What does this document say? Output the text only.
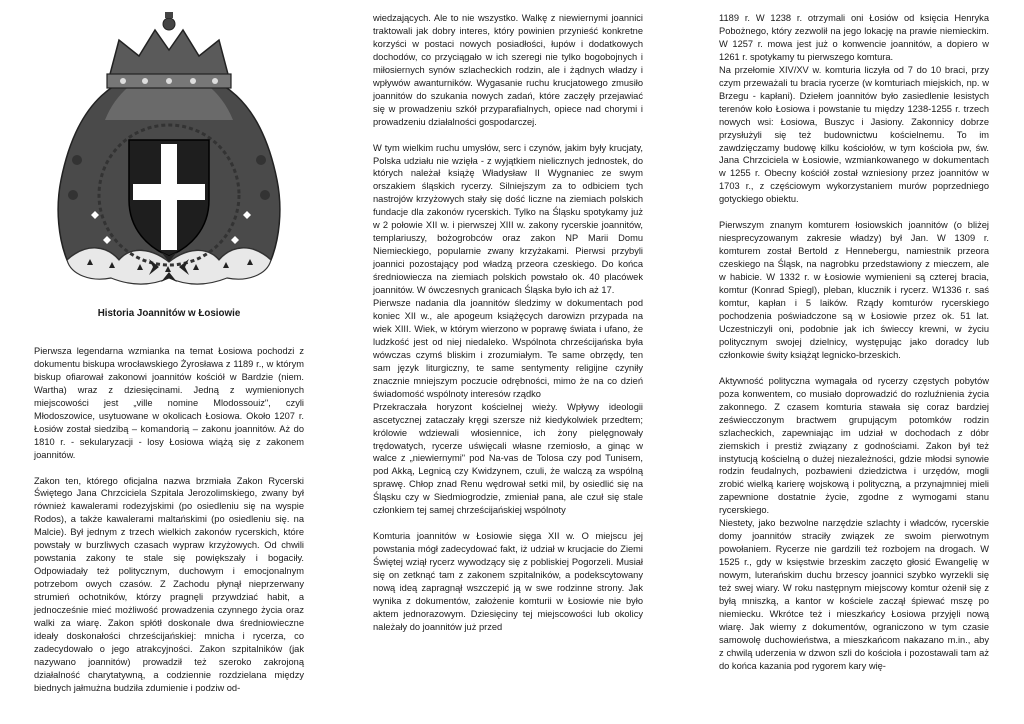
Historia Joannitów w Łosiowie

Pierwsza legendarna wzmianka na temat Łosiowa pochodzi z dokumentu biskupa wrocławskiego Żyrosława z 1189 r., w którym biskup ofiarował zakonowi joannitów kościół w Bardzie (niem. Wartha) wraz z dziesięcinami. Jedną z wymienionych miejscowości jest „ville nomine Mlodossouiz", czyli Młodoszowice, usytuowane w okolicach Łosiowa. Około 1207 r. Łosiów został siedzibą – komandorią – zakonu joannitów. Aż do 1810 r. - sekularyzacji - losy Łosiowa wiążą się z zakonem joannitów.

Zakon ten, którego oficjalna nazwa brzmiała Zakon Rycerski Świętego Jana Chrzciciela Szpitala Jerozolimskiego, zwany był również kawalerami rodezyjskimi (po osiedleniu się na wyspie Rodos), a także kawalerami maltańskimi (po osiedleniu się. na Malcie). Był jednym z trzech wielkich zakonów rycerskich, które powstały w burzliwych czasach wypraw krzyżowych. Od chwili powstania zakony te stale się powiększały i bogaciły. Odpowiadały też politycznym, duchowym i emocjonalnym potrzebom owych czasów. Z Zachodu płynął nieprzerwany strumień ochotników, którzy pragnęli przywdziać habit, a jednocześnie mieć możliwość prowadzenia czynnego życia oraz walki za wiarę. Zakon spłótł doskonale dwa średniowieczne ideały doskonałości chrześcijańskiej: mnicha i rycerza, co zadecydowało o jego atrakcyjności. Zakon szpitalników (jak nazywano joannitów) prowadził też szeroko zakrojoną działalność charytatywną, a codziennie rozdzielana między biednych jałmużna budziła zdumienie i podziw od-

wiedzających. Ale to nie wszystko. Walkę z niewiernymi joannici traktowali jak dobry interes, który powinien przynieść konkretne korzyści w postaci nowych posiadłości, łupów i dodatkowych dochodów, co przyciągało w ich szeregi nie tylko bogobojnych i miłosiernych synów szlacheckich rodzin, ale i żądnych władzy i wpływów awanturników. Wygasanie ruchu krucjatowego zmusiło joannitów do szukania nowych zadań, które zaczęły przejawiać się w prowadzeniu szkół przyparafialnych, opiece nad chorymi i prowadzeniu działalności gospodarczej.

W tym wielkim ruchu umysłów, serc i czynów, jakim były krucjaty, Polska udziału nie wzięła - z wyjątkiem nielicznych jednostek, do których należał książę Władysław II Wygnaniec ze swym orszakiem śląskich rycerzy. Silniejszym za to odbiciem tych nastrojów krzyżowych stały się dość liczne na ziemiach polskich fundacje dla zakonów rycerskich. Tylko na Śląsku spotykamy już w 2 połowie XII w. i pierwszej XIII w. zakony rycerskie joannitów, templariuszy, bożogrobców oraz zakon NP Marii Domu Niemieckiego, popularnie zwany krzyżakami. Pierwsi przybyli joannici pozostający pod władzą przeora czeskiego. Do końca średniowiecza na ziemiach polskich powstało ok. 40 placówek joannitów. W ówczesnych granicach Śląska było ich aż 17.

Pierwsze nadania dla joannitów śledzimy w dokumentach pod koniec XII w., ale apogeum książęcych darowizn przypada na wiek XIII. Wiek, w którym wierzono w poprawę świata i ufano, że ludzkość jest od niej niedaleko. Wspólnota chrześcijańska była wówczas czymś bliskim i zrozumiałym. Te same obrzędy, ten sam język liturgiczny, te same sentymenty religijne czyniły znacznie mniejszym poczucie odrębności, mimo że na co dzień świadomość wspólnoty interesów rządko

Przekraczała horyzont kościelnej wieży. Wpływy ideologii ascetycznej zataczały kręgi szersze niż kiedykolwiek przedtem; królowie wdziewali włosiennice, ich żony pielęgnowały trędowatych, rycerze uświęcali własne rzemiosło, a ginąc w walce z „niewiernymi" pod Na-vas de Tolosa czy pod Tunisem, pod Akką, Legnicą czy Kwidzynem, czuli, że walczą za wspólną sprawę. Chłop znad Renu wędrował setki mil, by osiedlić się na Śląsku czy w Siedmiogrodzie, zmieniał pana, ale czuł się stale członkiem tej samej chrześcijańskiej wspólnoty

Komturia joannitów w Łosiowie sięga XII w. O miejscu jej powstania mógł zadecydować fakt, iż udział w krucjacie do Ziemi Świętej wziął rycerz wywodzący się z pobliskiej Pogorzeli. Musiał się on zetknąć tam z zakonem szpitalników, a podekscytowany nową ideą zapragnął wszczepić ją w swe rodzinne strony. Jak wynika z dokumentów, założenie komturii w Łosiowie nie było aktem jednorazowym. Dziesięciny tej miejscowości lub okolicy należały do joannitów już przed

1189 r. W 1238 r. otrzymali oni Łosiów od księcia Henryka Pobożnego, który zezwolił na jego lokację na prawie niemieckim. W 1257 r. mowa jest już o konwencie joannitów, a dopiero w 1261 r. spotykamy tu pierwszego komtura.

Na przełomie XIV/XV w. komturia liczyła od 7 do 10 braci, przy czym przeważali tu bracia rycerze (w komturiach miejskich, np. w Brzegu - kapłani). Dziełem joannitów było zasiedlenie lesistych terenów koło Łosiowa i powstanie tu między 1238-1255 r. trzech nowych wsi: Łosiowa, Buszyc i Jasiony. Zakonnicy dobrze przysłużyli się też budownictwu kościelnemu. To im zawdzięczamy budowę kilku kościołów, w tym kościoła pw, św. Jana Chrzciciela w Łosiowie, wzmiankowanego w dokumentach w 1255 r. Obecny kościół został wzniesiony przez joannitów w 1703 r., z częściowym wykorzystaniem murów poprzedniego gotyckiego obiektu.

Pierwszym znanym komturem łosiowskich joannitów (o bliżej niesprecyzowanym zakresie władzy) był Jan. W 1309 r. komturem został Bertold z Hennebergu, namiestnik przeora czeskiego na Śląsk, na nagrobku przedstawiony z mieczem, ale w habicie. W 1332 r. w Łosiowie wymienieni są czterej bracia, komtur (Konrad Spiegl), pleban, klucznik i rycerz. W1336 r. saś komtur, kapłan i 5 laików. Rządy komturów rycerskiego pochodzenia poświadczone są w Łosiowie przez ok. 51 lat. Uczestniczyli oni, podobnie jak ich świeccy krewni, w życiu politycznym swojej dzielnicy, występując jako doradcy lub członkowie świty książąt legnicko-brzeskich.

Aktywność polityczna wymagała od rycerzy częstych pobytów poza konwentem, co musiało doprowadzić do rozluźnienia życia zakonnego. Z czasem komturia stawała się coraz bardziej zeświecczonym bractwem grupującym potomków rodzin szlacheckich, zapewniając im udział w dochodach z dóbr ziemskich i prestiż związany z godnościami. Zakon był też instytucją kościelną o dużej niezależności, gdzie młodsi synowie rodzin feudalnych, pozbawieni dziedzictwa i urzędów, mogli zrobić wielką karierę wojskową i polityczną, a przynajmniej mieli zapewnione dostatnie życie, zgodne z wymogami stanu rycerskiego.

Niestety, jako bezwolne narzędzie szlachty i władców, rycerskie domy joannitów straciły związek ze swoim pierwotnym powołaniem. Rycerze nie gardzili też rozbojem na drogach. W 1525 r., gdy w księstwie brzeskim zaczęto głosić Ewangelię w nowym, luterańskim duchu brzescy joannici szybko wyrzekli się też swej wiary. W roku następnym miejscowy komtur ożenił się z byłą mniszką, a kantor w kościele zaczął śpiewać mszę po niemiecku. Wkrótce też i mieszkańcy Łosiowa przyjęli nową wiarę. Jak wiemy z dokumentów, ograniczono w tym czasie samowolę duchowieństwa, a mieszkańcom nakazano m.in., aby z chwilą uderzenia w dzwon szli do kościoła i pozostawali tam aż do końca kazania pod rygorem kary wię-
